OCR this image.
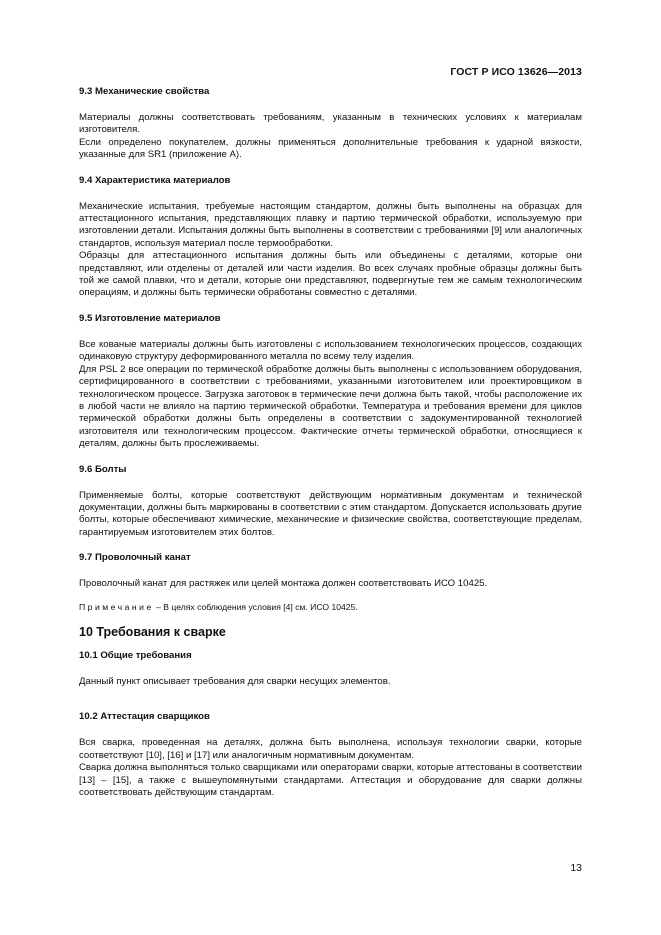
ГОСТ Р ИСО 13626—2013
9.3 Механические свойства

Материалы должны соответствовать требованиям, указанным в технических условиях к материалам изготовителя.

Если определено покупателем, должны применяться дополнительные требования к ударной вязкости, указанные для SR1 (приложение А).

9.4 Характеристика материалов

Механические испытания, требуемые настоящим стандартом, должны быть выполнены на образцах для аттестационного испытания, представляющих плавку и партию термической обработки, используемую при изготовлении детали. Испытания должны быть выполнены в соответствии с требованиями [9] или аналогичных стандартов, используя материал после термообработки.

Образцы для аттестационного испытания должны быть или объединены с деталями, которые они представляют, или отделены от деталей или части изделия. Во всех случаях пробные образцы должны быть той же самой плавки, что и детали, которые они представляют, подвергнутые тем же самым технологическим операциям, и должны быть термически обработаны совместно с деталями.

9.5 Изготовление материалов

Все кованые материалы должны быть изготовлены с использованием технологических процессов, создающих одинаковую структуру деформированного металла по всему телу изделия.

Для PSL 2 все операции по термической обработке должны быть выполнены с использованием оборудования, сертифицированного в соответствии с требованиями, указанными изготовителем или проектировщиком в технологическом процессе. Загрузка заготовок в термические печи должна быть такой, чтобы расположение их в любой части не влияло на партию термической обработки. Температура и требования времени для циклов термической обработки должны быть определены в соответствии с задокументированной технологией изготовителя или технологическим процессом. Фактические отчеты термической обработки, относящиеся к деталям, должны быть прослеживаемы.

9.6 Болты

Применяемые болты, которые соответствуют действующим нормативным документам и технической документации, должны быть маркированы в соответствии с этим стандартом. Допускается использовать другие болты, которые обеспечивают химические, механические и физические свойства, соответствующие пределам, гарантируемым изготовителем этих болтов.

9.7 Проволочный канат

Проволочный канат для растяжек или целей монтажа должен соответствовать ИСО 10425.

Примечание – В целях соблюдения условия [4] см. ИСО 10425.

10 Требования к сварке
10.1 Общие требования

Данный пункт описывает требования для сварки несущих элементов.

10.2 Аттестация сварщиков

Вся сварка, проведенная на деталях, должна быть выполнена, используя технологии сварки, которые соответствуют [10], [16] и [17] или аналогичным нормативным документам.

Сварка должна выполняться только сварщиками или операторами сварки, которые аттестованы в соответствии [13] – [15], а также с вышеупомянутыми стандартами. Аттестация и оборудование для сварки должны соответствовать действующим стандартам.

13
